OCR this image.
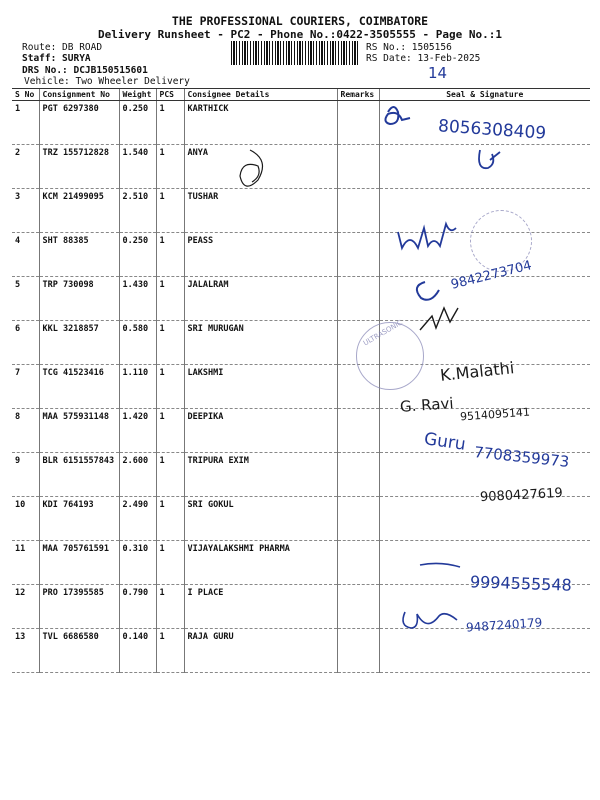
THE PROFESSIONAL COURIERS, COIMBATORE
Delivery Runsheet - PC2 - Phone No.:0422-3505555 - Page No.:1
Route: DB ROAD
Staff: SURYA
DRS No.: DCJB150515601
Vehicle: Two Wheeler Delivery
RS No.: 1505156
RS Date: 13-Feb-2025
14
S No	Consignment No	Weight	PCS	Consignee Details	Remarks	Seal & Signature
1	PGT 6297380	0.250	1	KARTHICK		
2	TRZ 155712828	1.540	1	ANYA		
3	KCM 21499095	2.510	1	TUSHAR		
4	SHT 88385	0.250	1	PEASS		
5	TRP 730098	1.430	1	JALALRAM		
6	KKL 3218857	0.580	1	SRI MURUGAN		
7	TCG 41523416	1.110	1	LAKSHMI		
8	MAA 575931148	1.420	1	DEEPIKA		
9	BLR 6151557843	2.600	1	TRIPURA EXIM		
10	KDI 764193	2.490	1	SRI GOKUL		
11	MAA 705761591	0.310	1	VIJAYALAKSHMI PHARMA		
12	PRO 17395585	0.790	1	I PLACE		
13	TVL 6686580	0.140	1	RAJA GURU		
ULTRASONIC
8056308409
9842273704
K.Malathi
G. Ravi 9514095141
Guru
7708359973
9080427619
9994555548
9487240179
